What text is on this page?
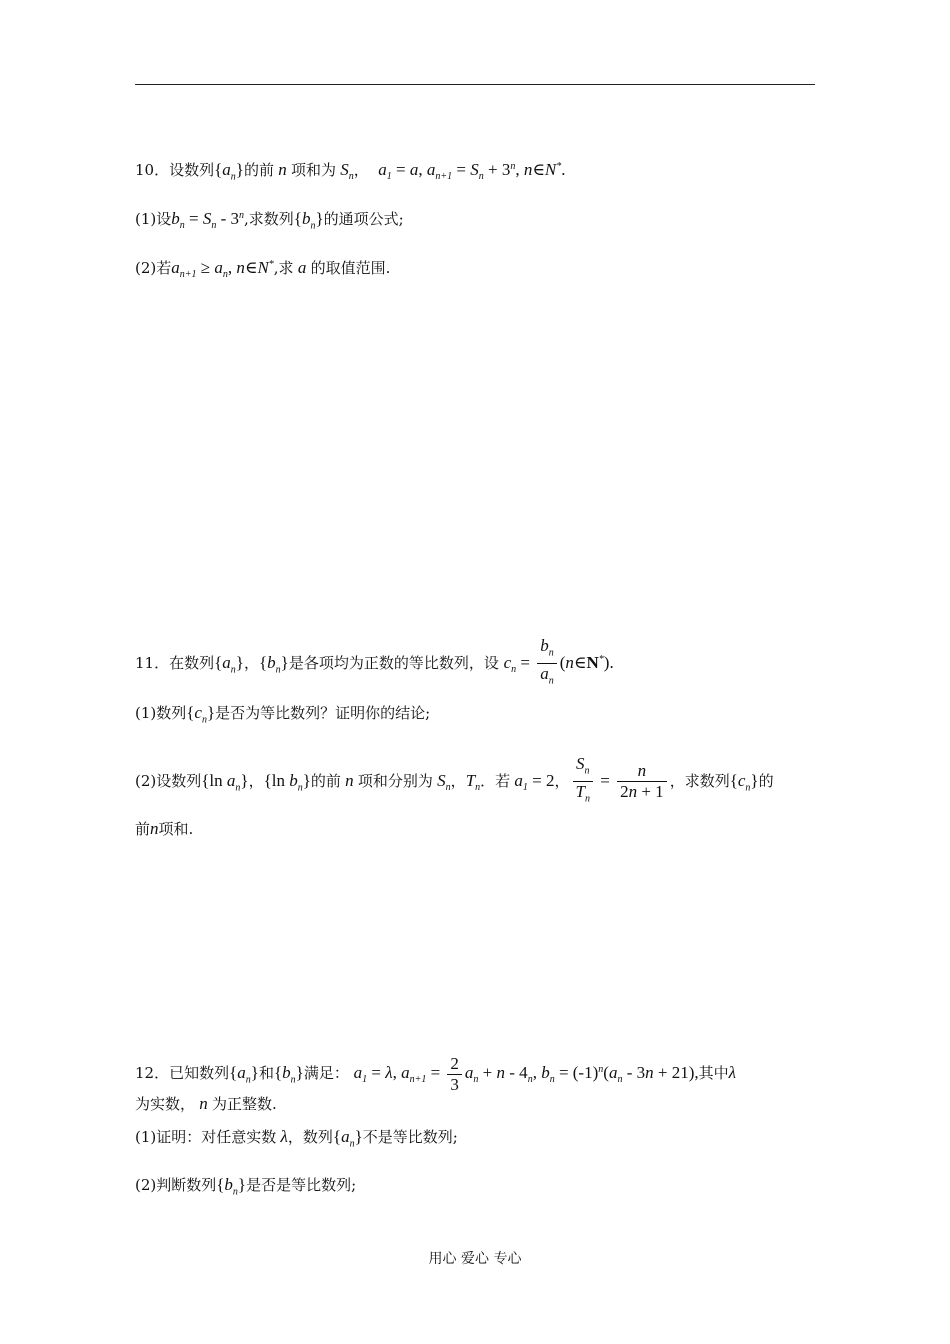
10．设数列$\{a_n\}$的前 n 项和为 $S_n$， $a_1 = a$, $a_{n+1} = S_n + 3^n$, n∈N*.
(1)设$b_n = S_n - 3^n$,求数列$\{b_n\}$的通项公式;
(2)若$a_{n+1} \ge a_n$, n∈N*,求 a 的取值范围.
11．在数列$\{a_n\}$，$\{b_n\}$是各项均为正数的等比数列，设 $c_n = \frac{b_n}{a_n}$ (n∈N*).
(1)数列$\{c_n\}$是否为等比数列？证明你的结论;
(2)设数列{ln $a_n$}，{ln $b_n$}的前 n 项和分别为 $S_n$，$T_n$．若 $a_1 = 2$， $\frac{S_n}{T_n} = \frac{n}{2n + 1}$ ，求数列$\{c_n\}$的
前n项和.
12．已知数列$\{a_n\}$和$\{b_n\}$满足： $a_1 = \lambda$, $a_{n+1} = \frac{2}{3} a_n + n - 4_n$, $b_n = (-1)^n(a_n - 3n + 21)$,其中λ
为实数， n 为正整数.
(1)证明：对任意实数 λ，数列$\{a_n\}$不是等比数列;
(2)判断数列$\{b_n\}$是否是等比数列;
用心 爱心 专心
